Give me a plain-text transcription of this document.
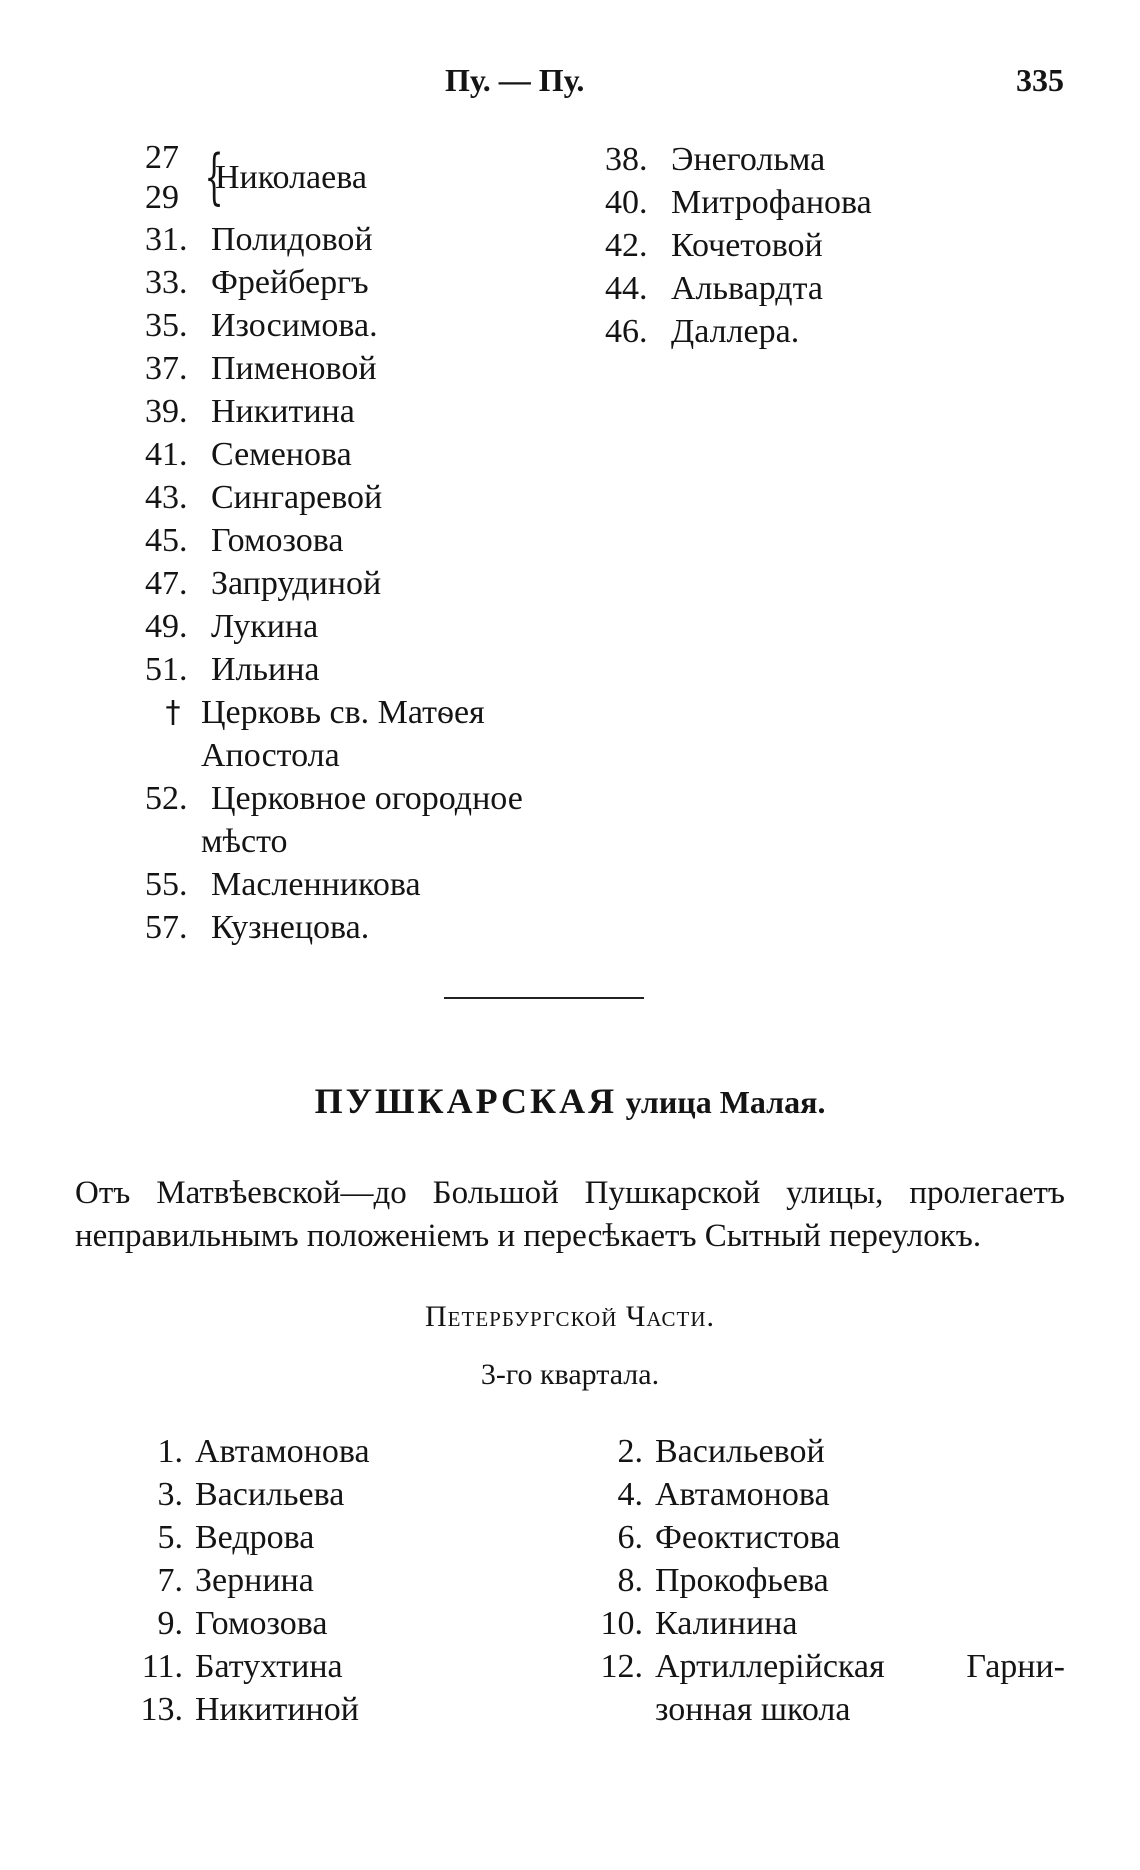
Пу. — Пу.	335
27
29 {
Николаева
31. Полидовой
33. Фрейбергъ
35. Изосимова.
37. Пименовой
39. Никитина
41. Семенова
43. Сингаревой
45. Гомозова
47. Запрудиной
49. Лукина
51. Ильина
† Церковь св. Матѳея
Апостола
52. Церковное огородное
мѣсто
55. Масленникова
57. Кузнецова.
38. Энегольма
40. Митрофанова
42. Кочетовой
44. Альвардта
46. Даллера.
ПУШКАРСКАЯ улица Малая.
Отъ Матвѣевской—до Большой Пушкарской улицы, пролегаетъ неправильнымъ положеніемъ и пересѣкаетъ Сытный переулокъ.
Петербургской Части.
3-го квартала.
1. Автамонова
3. Васильева
5. Ведрова
7. Зернина
9. Гомозова
11. Батухтина
13. Никитиной
2. Васильевой
4. Автамонова
6. Феоктистова
8. Прокофьева
10. Калинина
12. Артиллерійская Гарни-
зонная школа
